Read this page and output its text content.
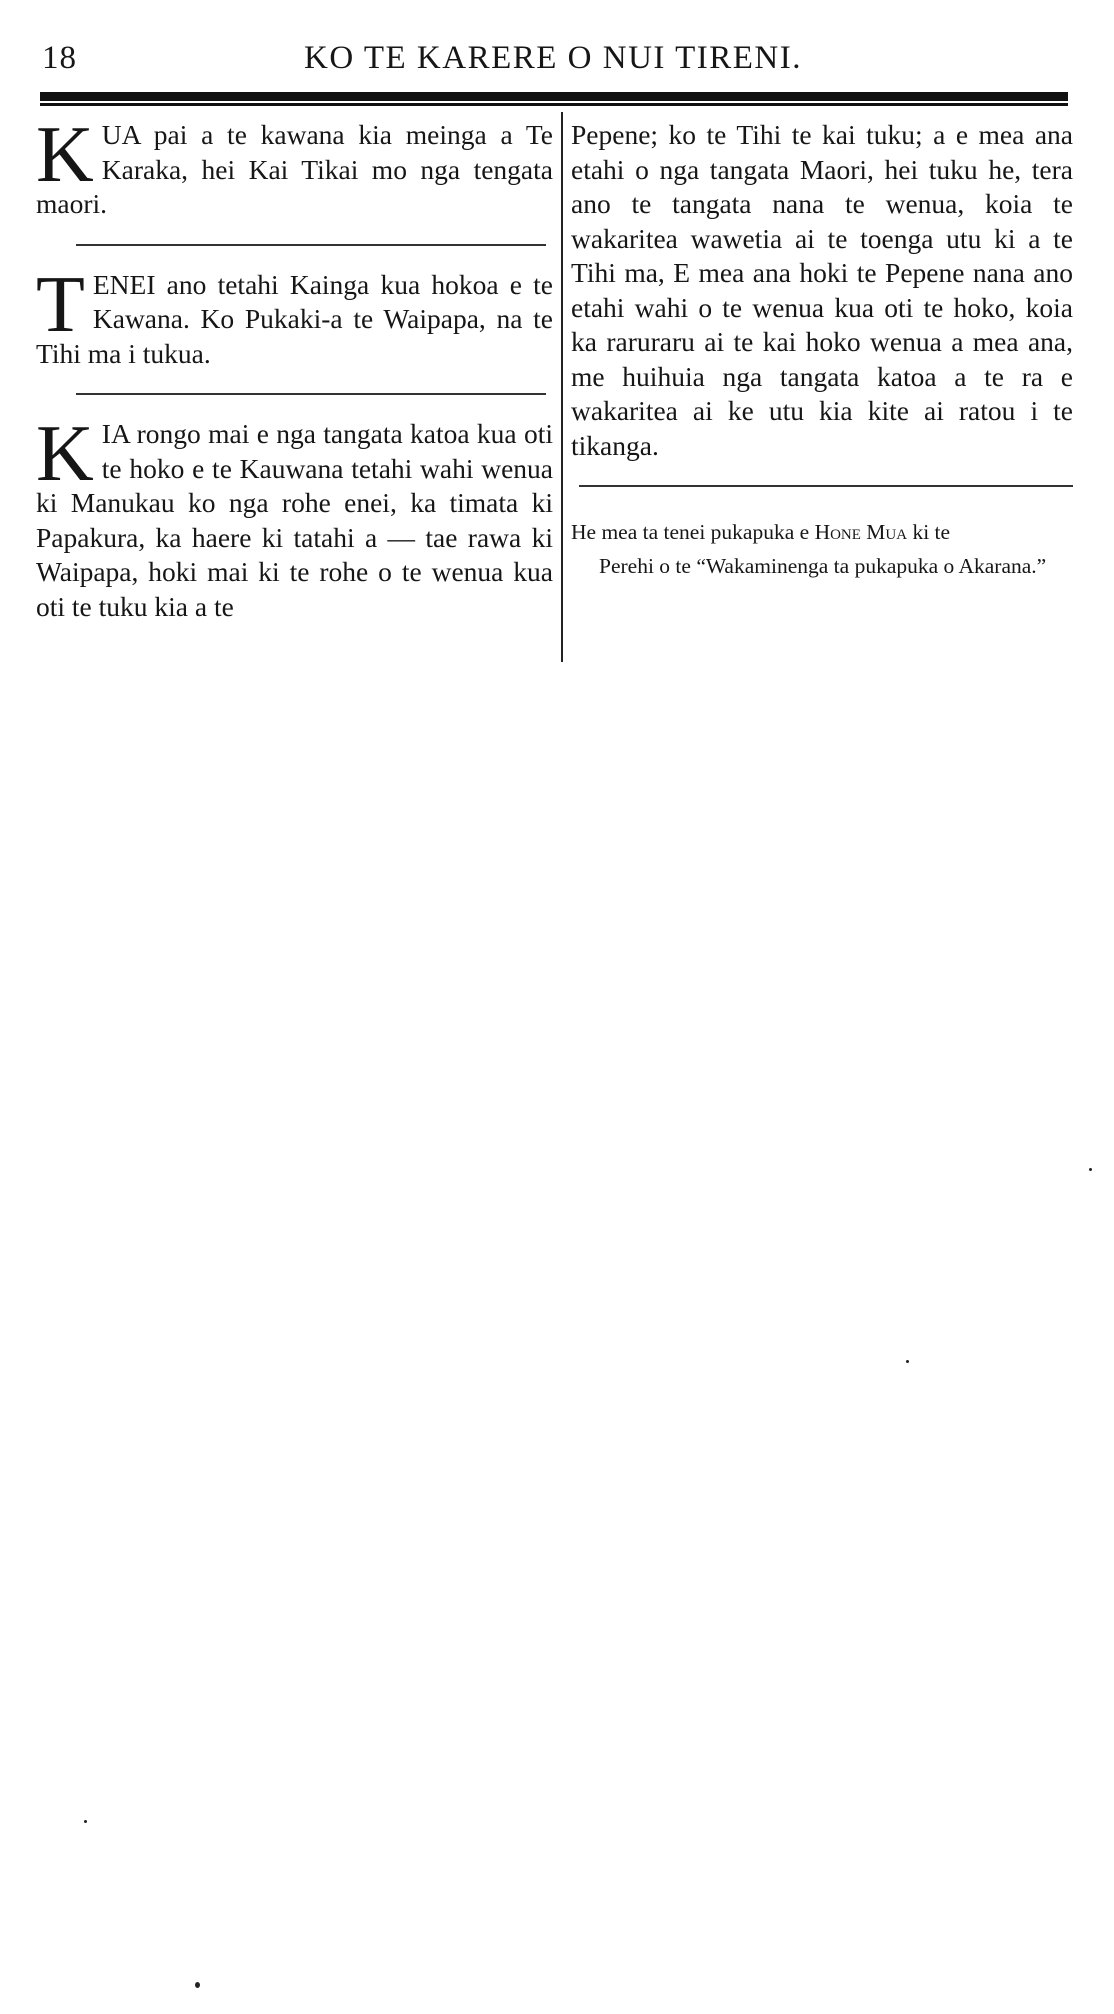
18	KO TE KARERE O NUI TIRENI.

KUA pai a te kawana kia meinga a Te Karaka, hei Kai Tikai mo nga tengata maori.

TENEI ano tetahi Kainga kua hokoa e te Kawana. Ko Pukaki-a te Waipapa, na te Tihi ma i tukua.

KIA rongo mai e nga tangata katoa kua oti te hoko e te Kauwana tetahi wahi wenua ki Manukau ko nga rohe enei, ka timata ki Papakura, ka haere ki tatahi a — tae rawa ki Waipapa, hoki mai ki te rohe o te wenua kua oti te tuku kia a te

Pepene; ko te Tihi te kai tuku; a e mea ana etahi o nga tangata Maori, hei tuku he, tera ano te tangata nana te wenua, koia te wakaritea wawetia ai te toenga utu ki a te Tihi ma, E mea ana hoki te Pepene nana ano etahi wahi o te wenua kua oti te hoko, koia ka raruraru ai te kai hoko wenua a mea ana, me huihuia nga tangata katoa a te ra e wakaritea ai ke utu kia kite ai ratou i te tikanga.

He mea ta tenei pukapuka e Hone Mua ki te
Perehi o te “Wakaminenga ta pukapuka o Akarana.”
